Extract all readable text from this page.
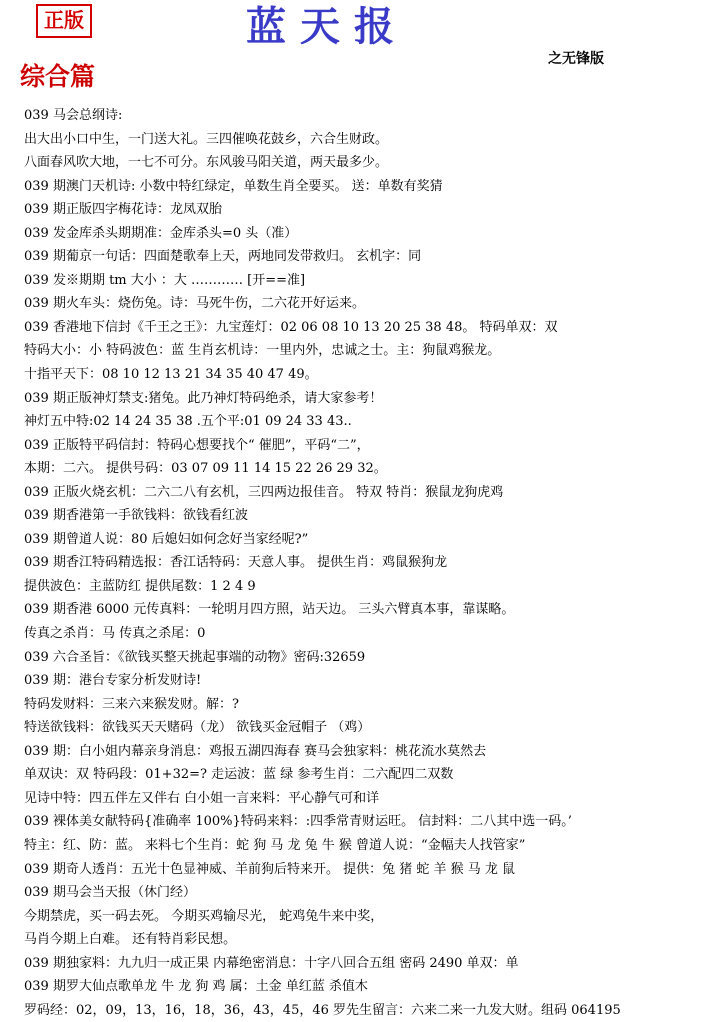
正版	蓝天报
之无锋版
综合篇
039 马会总纲诗:
出大出小口中生，一门送大礼。三四催唤花鼓乡，六合生财政。
八面春风吹大地，一七不可分。东风骏马阳关道，两天最多少。
039 期澳门天机诗: 小数中特红绿定，单数生肖全要买。 送：单数有奖猜
039 期正版四字梅花诗：龙凤双胎
039 发金库杀头期期准：金库杀头=0 头（准）
039 期葡京一句话：四面楚歌奉上天，两地同发带救归。 玄机字：同
039 发※期期 tm 大小 ：大 ………… [开==准]
039 期火车头：烧伤兔。诗：马死牛伤，二六花开好运来。
039 香港地下信封《千王之王》：九宝莲灯：02 06 08 10 13 20 25 38 48。 特码单双：双
特码大小：小 特码波色：蓝 生肖玄机诗：一里内外，忠诚之士。主：狗鼠鸡猴龙。
十指平天下：08 10 12 13 21 34 35 40 47 49。
039 期正版神灯禁支:猪兔。此乃神灯特码绝杀，请大家参考！
神灯五中特:02 14 24 35 38 .五个平:01 09 24 33 43..
039 正版特平码信封：特码心想要找个“ 催肥”，平码“二”，
本期：二六。 提供号码：03 07 09 11 14 15 22 26 29 32。
039 正版火烧玄机：二六二八有玄机，三四两边报佳音。 特双 特肖：猴鼠龙狗虎鸡
039 期香港第一手欲钱料：欲钱看红波
039 期曾道人说：80 后媳妇如何念好当家经呢?”
039 期香江特码精选报：香江话特码：天意人事。 提供生肖：鸡鼠猴狗龙
提供波色：主蓝防红 提供尾数：1 2 4 9
039 期香港 6000 元传真料：一轮明月四方照，站天边。 三头六臂真本事，靠谋略。
传真之杀肖：马 传真之杀尾：0
039 六合圣旨：《欲钱买整天挑起事端的动物》密码:32659
039 期：港台专家分析发财诗!
特码发财料：三来六来猴发财。解：?
特送欲钱料：欲钱买天天赌码（龙） 欲钱买金冠帽子 （鸡）
039 期：白小姐内幕亲身消息：鸡报五湖四海春 赛马会独家料：桃花流水莫然去
单双诀：双 特码段：01+32=? 走运波：蓝 绿 参考生肖：二六配四二双数
见诗中特：四五伴左又伴右 白小姐一言来料：平心静气可和详
039 裸体美女献特码{准确率 100%}特码来料：:四季常青财运旺。 信封料：二八其中选一码。’
特主：红、防：蓝。 来料七个生肖：蛇 狗 马 龙 兔 牛 猴 曾道人说：“金幅夫人找管家”
039 期奇人透肖：五光十色显神威、羊前狗后特来开。 提供：兔 猪 蛇 羊 猴 马 龙 鼠
039 期马会当天报（休门经）
今期禁虎，买一码去死。 今期买鸡输尽光， 蛇鸡兔牛来中奖，
马肖今期上白难。 还有特肖彩民想。
039 期独家料：九九归一成正果 内幕绝密消息：十字八回合五组 密码 2490 单双：单
039 期罗大仙点歌单龙 牛 龙 狗 鸡 属：土金 单红蓝 杀值木
罗码经：02，09，13，16，18，36，43，45，46 罗先生留言：六来二来一九发大财。组码 064195
